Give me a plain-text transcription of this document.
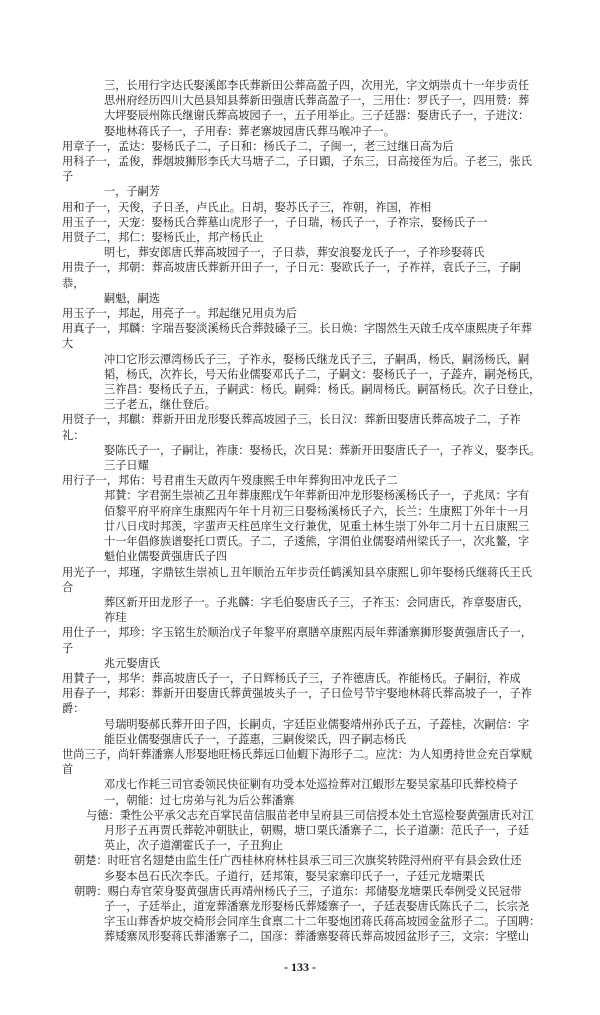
三，长用行字达氏娶溪郎李氏葬新田公葬高盈子四，次用光，字文炳崇贞十一年步贡任
思州府经历四川大邑县知县葬新田强唐氏葬高盈子一，三用仕：罗氏子一，四用赞：葬
大坪娶辰州陈氏继谢氏葬高坡园子一，五子用举止。三子廷器：娶唐氏子一，子进汶：
娶地林蒋氏子一，子用春：葬老寨坡园唐氏葬马喉冲子一。
用章子一，孟达：娶杨氏子二，子日和：杨氏子二，子闽一，老三过继日高为后
用科子一，孟俊，葬烟坡狮形李氏大马塘子二，子日顕，子东三，日高接侄为后。子老三，张氏子
一，子嗣芳
用和子一，天俊，子日圣，卢氏止。日胡，娶苏氏子三，祚朝，祚国，祚相
用玉子一，天宠：娶杨氏合葬墓山虎形子一，子日瑞，杨氏子一，子祚宗，娶杨氏子一
用贤子二，邦仁：娶杨氏止，邦产杨氏止
明七，葬安郎唐氏葬高坡园子一，子日恭，葬安浪娶龙氏子一，子祚珍娶蒋氏
用贵子一，邦朝：葬高坡唐氏葬新开田子一，子日元：娶欧氏子一，子祚祥，袁氏子三，子嗣恭，
嗣魁，嗣选
用玉子一，邦起，用亮子一。邦起继兄用贞为后
用真子一，邦麟：字瑞吾娶淡溪杨氏合葬鼓磉子三。长日焕：字閤然生天啟壬戌卒康熙庚子年葬大
冲口它形云潭湾杨氏子三，子祚永，娶杨氏继龙氏子三，子嗣禹，杨氏，嗣汤杨氏，嗣
韬，杨氏，次祚长，号天佑业儒娶邓氏子二，子嗣文：娶杨氏子一，子蕋卉，嗣尧杨氏，
三祚昌：娶杨氏子五，子嗣武：杨氏。嗣舜：杨氏。嗣周杨氏。嗣冨杨氏。次子日登止，
三子老五，继仕登后。
用贤子一，邦麒：葬新开田龙形娶氏葬高坡园子三，长日汉：葬新田娶唐氏葬高坡子二，子祚礼：
娶陈氏子一，子嗣让，祚康：娶杨氏，次日晃：葬新开田娶唐氏子一，子祚义，娶李氏。
三子日耀
用行子一，邦佑：号君甫生天啟丙午歿康熙壬申年葬狗田冲龙氏子二
邦賛：字君弼生崇祯乙丑年葬康熙戊午年葬新田冲龙形娶杨溪杨氏子一，子兆凤：字有
佰黎平府平府庠生康熙丙午年十月初三日娶杨溪杨氏子六，长兰：生康熙丁外年十一月
廿八日戌时邦羡，字蜚声天柱邑庠生文行兼优，见重土林生崇丁外年二月十五日康熙三
十一年倡修族谱娶托口贾氏。子二，子逶熊，字渭伯业儒娶靖州梁氏子一，次兆鳌，字
魁伯业儒娶黄强唐氏子四
用光子一，邦瑾，字鼎铉生崇祯乚丑年顺治五年步贡任鹤溪知县卒康熙乚卯年娶杨氏继蒋氏王氏合
葬区新开田龙形子一。子兆麟：字毛伯娶唐氏子三，子祚玉：会同唐氏，祚章娶唐氏，
祚珪
用仕子一，邦珍：字玉铭生於顺治戊子年黎平府禀膳卒康熙丙辰年葬潘寨狮形娶黄强唐氏子一，子
兆元娶唐氏
用賛子一，邦华：葬高坡唐氏子一，子日辉杨氏子三，子祚德唐氏。祚能杨氏。子嗣衍，祚成
用春子一，邦彩：葬新开田娶唐氏葬黄强坡头子一，子日俭号节宇娶地林蒋氏葬高坡子一，子祚爵：
号瑞明娶郝氏葬开田子四，长嗣贞，字廷臣业儒娶靖州孙氏子五，子蕋桂，次嗣信：字
能臣业儒娶强唐氏子一，子蕋惠，三嗣俊梁氏，四子嗣志杨氏
世尚三子，尚轩葬潘寨人形娶地旺杨氏葬远口仙蝦下海形子二。应沈：为人知勇持世佥充百掌赋首
邓戊七作耗三司官委领民快征剿有功受本处巡捡葬对江蝦形左娶吴家基印氏葬校椅子
一，朝能：过七房弟与礼为后公葬潘寨
与德：秉性公平承父志充百掌民苗信服苗老申呈府县三司信授本处土官巡检娶黄强唐氏对江
月形子五再贾氏葬乾冲朝肤止，朝赐，塘口栗氏潘寨子二，长子道灏：范氏子一，子廷
英止，次子道潮霍氏子一，子丑狗止
朝楚：时旺官名翅楚由监生任广西桂林府林柱县承三司三次旗奖转陞浔州府平有县会致仕还
乡娶本邑石氏次李氏。子道行，廷邦策，娶吴家寨印氏子一，子廷元龙塘栗氏
朝聘：赐白寿官荣身娶黄强唐氏再靖州杨氏子三，子道东：邦储娶龙塘栗氏奉例受义民冠带
子一，子廷举止，道宠葬潘寨龙形娶杨氏葬矮寨子一，子廷表娶唐氏陈氏子二，长宗尧
字玉山葬香炉坡交椅形会同庠生食禀二十二年娶炮团蒋氏蒋高坡园金盆形子二。子国聘：
葬矮寨凤形娶蒋氏葬潘寨子二，国彦：葬潘寨娶蒋氏葬高坡园盆形子三，文宗：字壁山
- 133 -
